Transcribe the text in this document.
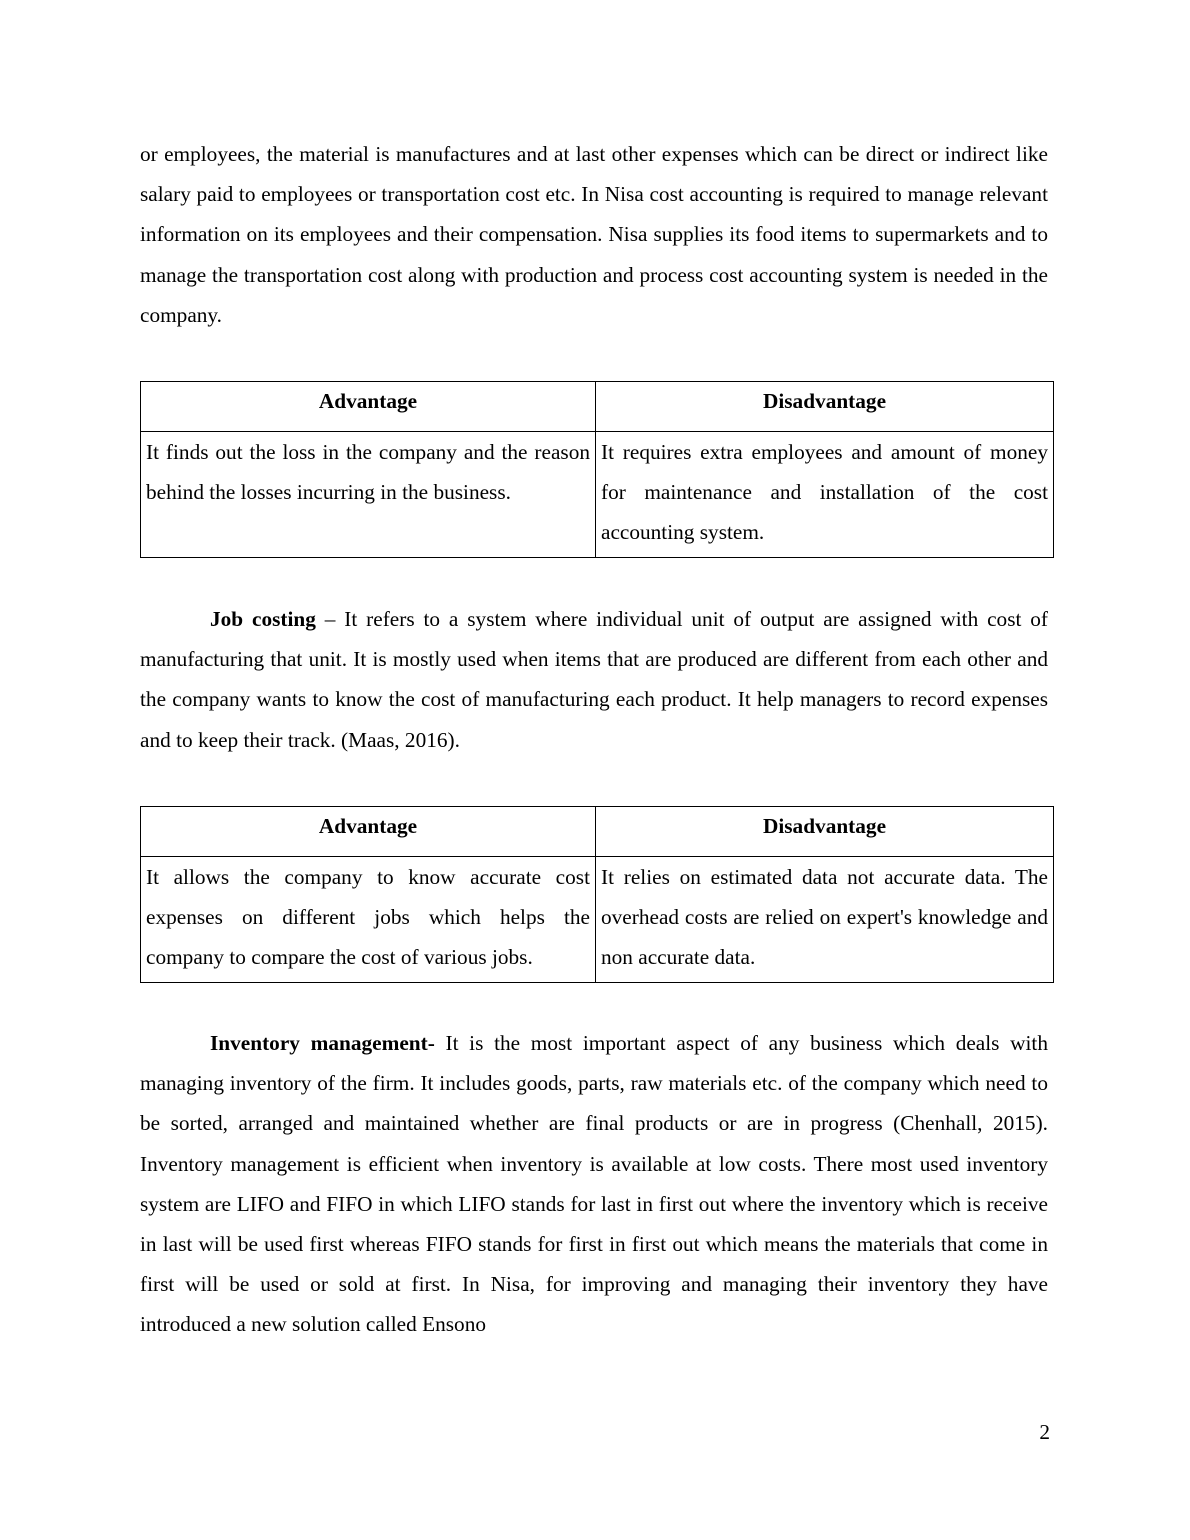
or employees, the material is manufactures and at last other expenses which can be direct or indirect like salary paid to employees or transportation cost etc. In Nisa cost accounting is required to manage relevant information on its employees and their compensation. Nisa supplies its food items to supermarkets and to manage the transportation cost along with production and process cost accounting system is needed in the company.

Advantage	Disadvantage
It finds out the loss in the company and the reason behind the losses incurring in the business.	It requires extra employees and amount of money for maintenance and installation of the cost accounting system.

Job costing – It refers to a system where individual unit of output are assigned with cost of manufacturing that unit. It is mostly used when items that are produced are different from each other and the company wants to know the cost of manufacturing each product. It help managers to record expenses and to keep their track. (Maas, 2016).

Advantage	Disadvantage
It allows the company to know accurate cost expenses on different jobs which helps the company to compare the cost of various jobs.	It relies on estimated data not accurate data. The overhead costs are relied on expert's knowledge and non accurate data.

Inventory management- It is the most important aspect of any business which deals with managing inventory of the firm. It includes goods, parts, raw materials etc. of the company which need to be sorted, arranged and maintained whether are final products or are in progress (Chenhall, 2015). Inventory management is efficient when inventory is available at low costs. There most used inventory system are LIFO and FIFO in which LIFO stands for last in first out where the inventory which is receive in last will be used first whereas FIFO stands for first in first out which means the materials that come in first will be used or sold at first. In Nisa, for improving and managing their inventory they have introduced a new solution called Ensono

2
